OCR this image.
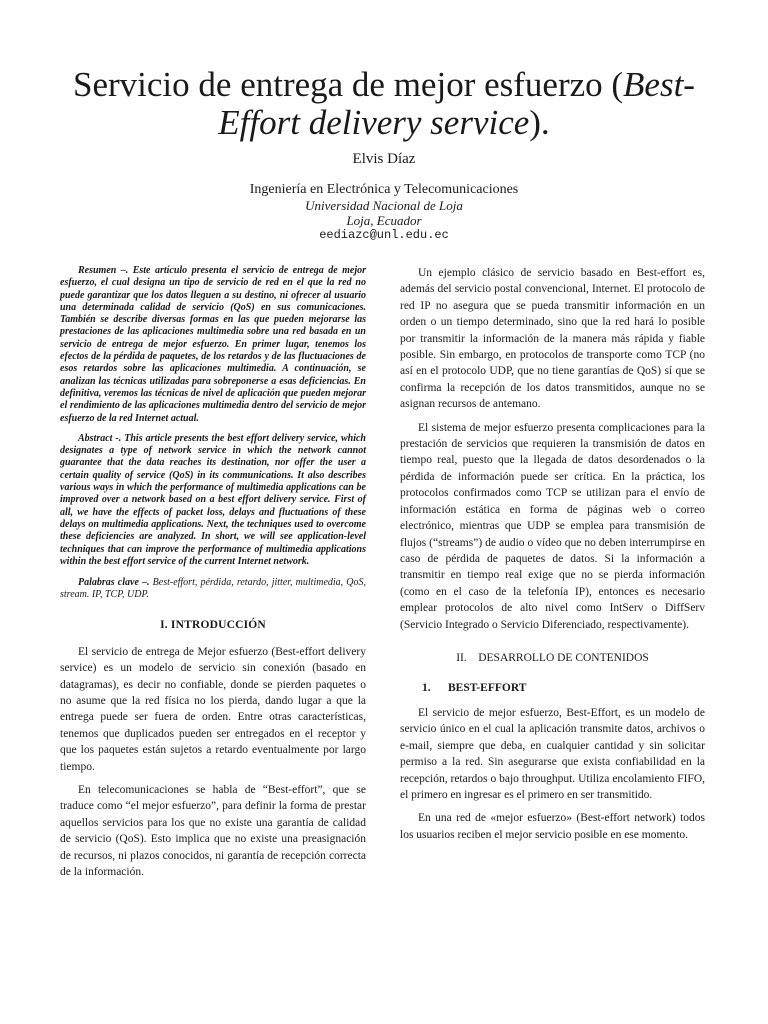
Servicio de entrega de mejor esfuerzo (Best-Effort delivery service).

Elvis Díaz

Ingeniería en Electrónica y Telecomunicaciones

Universidad Nacional de Loja

Loja, Ecuador

eediazc@unl.edu.ec

Resumen –. Este artículo presenta el servicio de entrega de mejor esfuerzo, el cual designa un tipo de servicio de red en el que la red no puede garantizar que los datos lleguen a su destino, ni ofrecer al usuario una determinada calidad de servicio (QoS) en sus comunicaciones. También se describe diversas formas en las que pueden mejorarse las prestaciones de las aplicaciones multimedia sobre una red basada en un servicio de entrega de mejor esfuerzo. En primer lugar, tenemos los efectos de la pérdida de paquetes, de los retardos y de las fluctuaciones de esos retardos sobre las aplicaciones multimedia. A continuación, se analizan las técnicas utilizadas para sobreponerse a esas deficiencias. En definitiva, veremos las técnicas de nivel de aplicación que pueden mejorar el rendimiento de las aplicaciones multimedia dentro del servicio de mejor esfuerzo de la red Internet actual.

Abstract -. This article presents the best effort delivery service, which designates a type of network service in which the network cannot guarantee that the data reaches its destination, nor offer the user a certain quality of service (QoS) in its communications. It also describes various ways in which the performance of multimedia applications can be improved over a network based on a best effort delivery service. First of all, we have the effects of packet loss, delays and fluctuations of these delays on multimedia applications. Next, the techniques used to overcome these deficiencies are analyzed. In short, we will see application-level techniques that can improve the performance of multimedia applications within the best effort service of the current Internet network.

Palabras clave –. Best-effort, pérdida, retardo, jitter, multimedia, QoS, stream. IP, TCP, UDP.

I. INTRODUCCIÓN

El servicio de entrega de Mejor esfuerzo (Best-effort delivery service) es un modelo de servicio sin conexión (basado en datagramas), es decir no confiable, donde se pierden paquetes o no asume que la red física no los pierda, dando lugar a que la entrega puede ser fuera de orden. Entre otras características, tenemos que duplicados pueden ser entregados en el receptor y que los paquetes están sujetos a retardo eventualmente por largo tiempo.

En telecomunicaciones se habla de “Best-effort”, que se traduce como “el mejor esfuerzo”, para definir la forma de prestar aquellos servicios para los que no existe una garantía de calidad de servicio (QoS). Esto implica que no existe una preasignación de recursos, ni plazos conocidos, ni garantía de recepción correcta de la información.

Un ejemplo clásico de servicio basado en Best-effort es, además del servicio postal convencional, Internet. El protocolo de red IP no asegura que se pueda transmitir información en un orden o un tiempo determinado, sino que la red hará lo posible por transmitir la información de la manera más rápida y fiable posible. Sin embargo, en protocolos de transporte como TCP (no así en el protocolo UDP, que no tiene garantías de QoS) sí que se confirma la recepción de los datos transmitidos, aunque no se asignan recursos de antemano.

El sistema de mejor esfuerzo presenta complicaciones para la prestación de servicios que requieren la transmisión de datos en tiempo real, puesto que la llegada de datos desordenados o la pérdida de información puede ser crítica. En la práctica, los protocolos confirmados como TCP se utilizan para el envío de información estática en forma de páginas web o correo electrónico, mientras que UDP se emplea para transmisión de flujos (“streams”) de audio o vídeo que no deben interrumpirse en caso de pérdida de paquetes de datos. Si la información a transmitir en tiempo real exige que no se pierda información (como en el caso de la telefonía IP), entonces es necesario emplear protocolos de alto nivel como IntServ o DiffServ (Servicio Integrado o Servicio Diferenciado, respectivamente).

II.    DESARROLLO DE CONTENIDOS

1. BEST-EFFORT

El servicio de mejor esfuerzo, Best-Effort, es un modelo de servicio único en el cual la aplicación transmite datos, archivos o e-mail, siempre que deba, en cualquier cantidad y sin solicitar permiso a la red. Sin asegurarse que exista confiabilidad en la recepción, retardos o bajo throughput. Utiliza encolamiento FIFO, el primero en ingresar es el primero en ser transmitido.

En una red de «mejor esfuerzo» (Best-effort network) todos los usuarios reciben el mejor servicio posible en ese momento.
